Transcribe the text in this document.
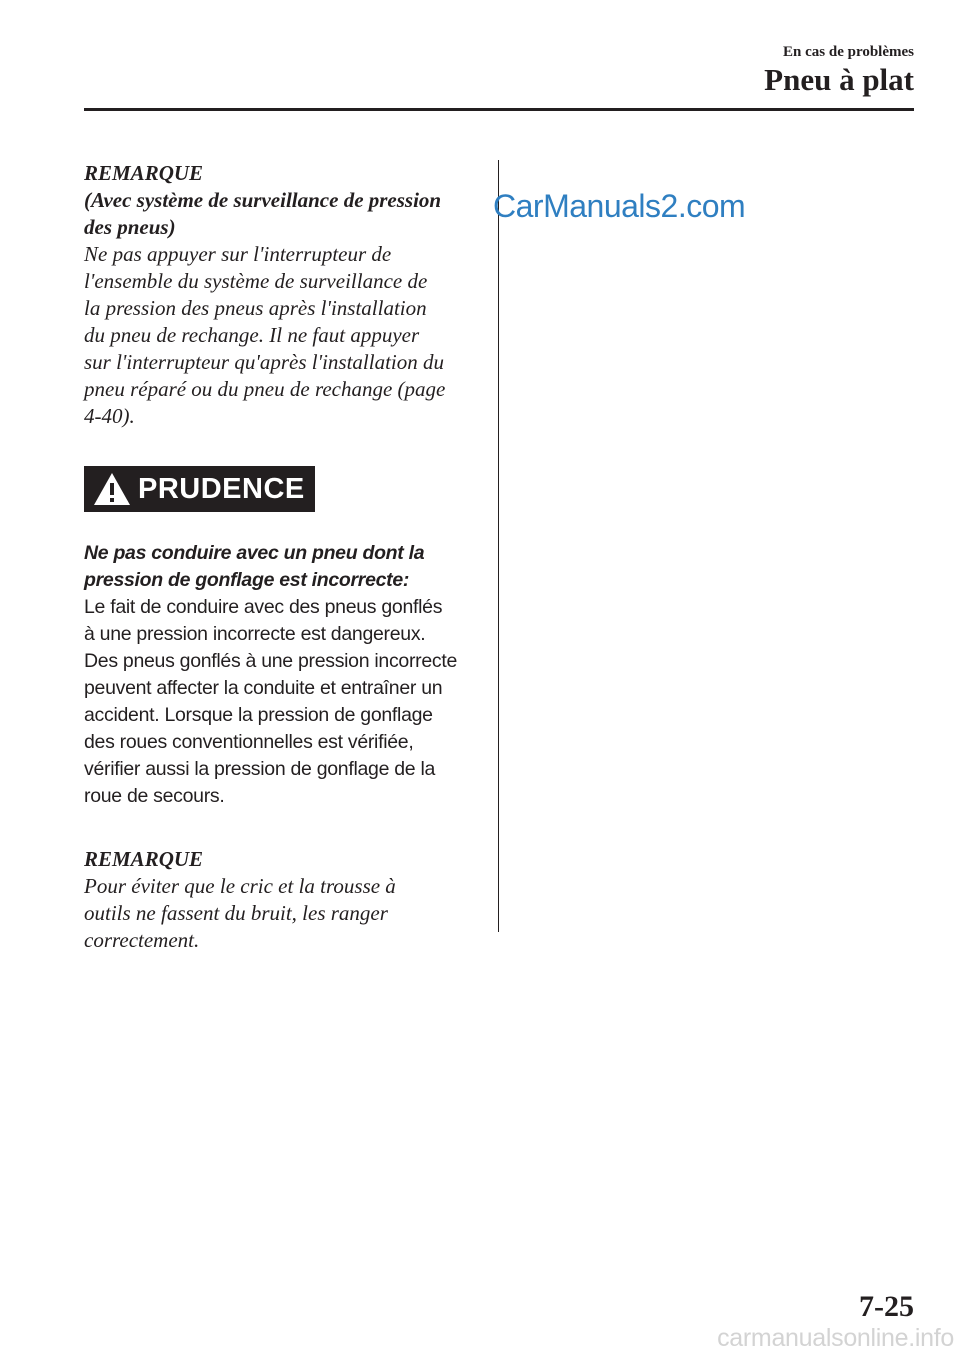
En cas de problèmes
Pneu à plat

REMARQUE

(Avec système de surveillance de pression

des pneus)

Ne pas appuyer sur l'interrupteur de

l'ensemble du système de surveillance de

la pression des pneus après l'installation

du pneu de rechange. Il ne faut appuyer

sur l'interrupteur qu'après l'installation du

pneu réparé ou du pneu de rechange (page

4-40).

PRUDENCE

Ne pas conduire avec un pneu dont la

pression de gonflage est incorrecte:

Le fait de conduire avec des pneus gonflés

à une pression incorrecte est dangereux.

Des pneus gonflés à une pression incorrecte

peuvent affecter la conduite et entraîner un

accident. Lorsque la pression de gonflage

des roues conventionnelles est vérifiée,

vérifier aussi la pression de gonflage de la

roue de secours.

REMARQUE

Pour éviter que le cric et la trousse à

outils ne fassent du bruit, les ranger

correctement.

CarManuals2.com
7-25
carmanualsonline.info
